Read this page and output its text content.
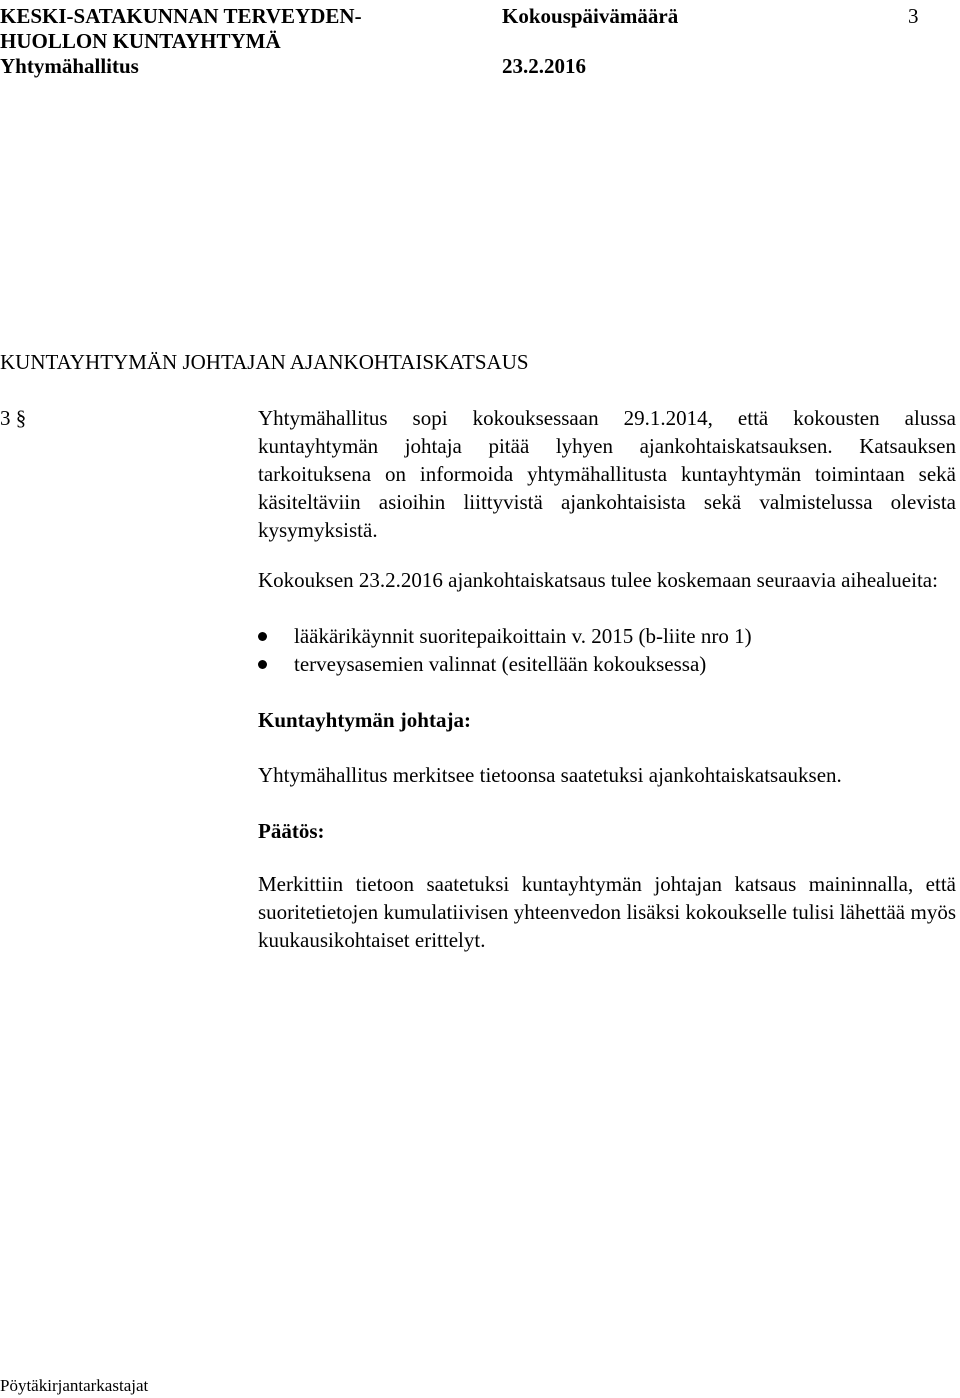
KESKI-SATAKUNNAN TERVEYDEN-
HUOLLON KUNTAYHTYMÄ
Yhtymähallitus
Kokouspäivämäärä	3
23.2.2016
KUNTAYHTYMÄN JOHTAJAN AJANKOHTAISKATSAUS
3 §	Yhtymähallitus sopi kokouksessaan 29.1.2014, että kokousten alussa kuntayhtymän johtaja pitää lyhyen ajankohtaiskatsauksen. Katsauksen tarkoituksena on informoida yhtymähallitusta kuntayhtymän toimintaan sekä käsiteltäviin asioihin liittyvistä ajankohtaisista sekä valmistelussa olevista kysymyksistä.
Kokouksen 23.2.2016 ajankohtaiskatsaus tulee koskemaan seuraavia aihealueita:
lääkärikäynnit suoritepaikoittain v. 2015 (b-liite nro 1)
terveysasemien valinnat (esitellään kokouksessa)
Kuntayhtymän johtaja:
Yhtymähallitus merkitsee tietoonsa saatetuksi ajankohtaiskatsauksen.
Päätös:
Merkittiin tietoon saatetuksi kuntayhtymän johtajan katsaus maininnalla, että suoritetietojen kumulatiivisen yhteenvedon lisäksi kokoukselle tulisi lähettää myös kuukausikohtaiset erittelyt.
Pöytäkirjantarkastajat
